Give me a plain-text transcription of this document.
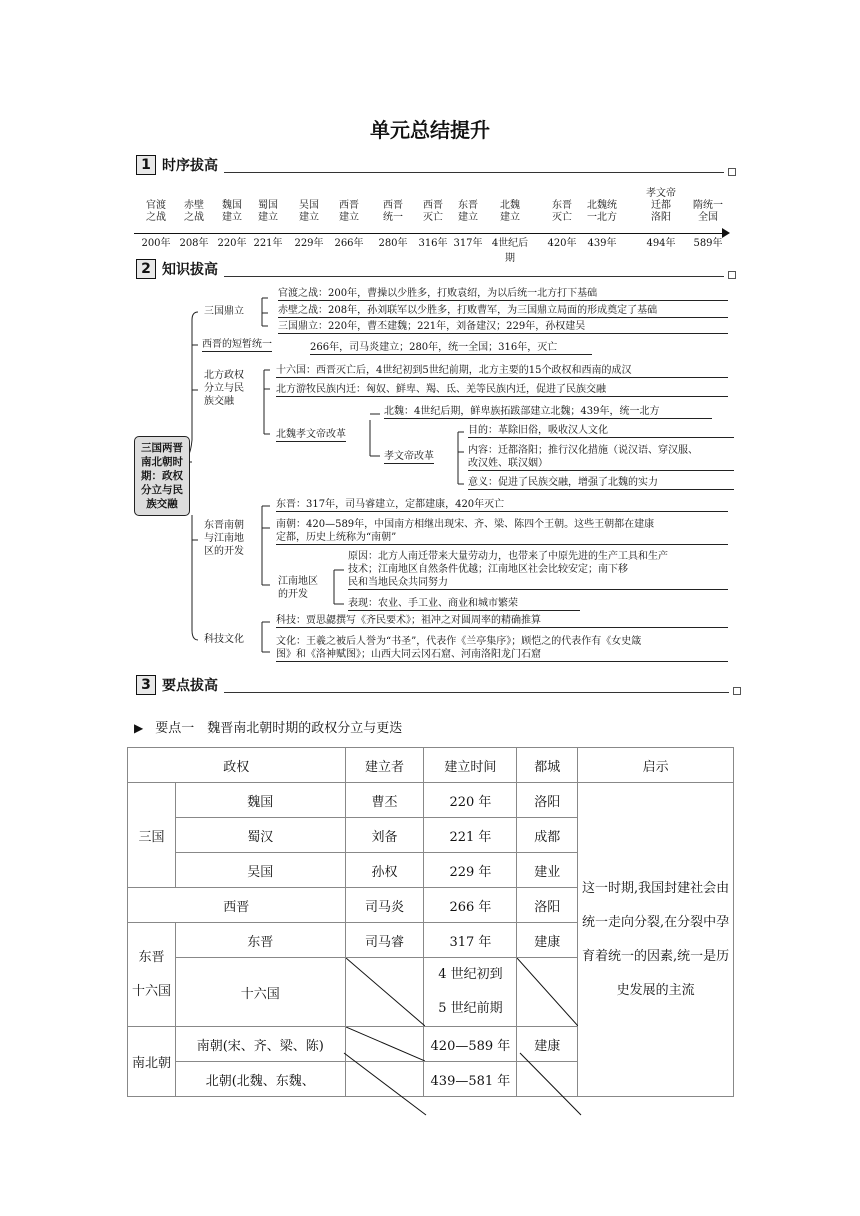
单元总结提升
1 时序拔高
官渡
之战
200年
赤壁
之战
208年
魏国
建立
220年
蜀国
建立
221年
吴国
建立
229年
西晋
建立
266年
西晋
统一
280年
西晋
灭亡
316年
东晋
建立
317年
北魏
建立
4世纪后期
东晋
灭亡
420年
北魏统
一北方
439年
孝文帝
迁都
洛阳
494年
隋统一
全国
589年
2 知识拔高
三国两晋
南北朝时
期：政权
分立与民
族交融
三国鼎立
官渡之战：200年，曹操以少胜多，打败袁绍，为以后统一北方打下基础
赤壁之战：208年，孙刘联军以少胜多，打败曹军，为三国鼎立局面的形成奠定了基础
三国鼎立：220年，曹丕建魏；221年，刘备建汉；229年，孙权建吴
西晋的短暂统一	266年，司马炎建立；280年，统一全国；316年，灭亡
北方政权
分立与民
族交融
十六国：西晋灭亡后，4世纪初到5世纪前期，北方主要的15个政权和西南的成汉
北方游牧民族内迁：匈奴、鲜卑、羯、氐、羌等民族内迁，促进了民族交融
北魏孝文帝改革
北魏：4世纪后期，鲜卑族拓跋部建立北魏；439年，统一北方
孝文帝改革
目的：革除旧俗，吸收汉人文化
内容：迁都洛阳；推行汉化措施（说汉语、穿汉服、
改汉姓、联汉姻）
意义：促进了民族交融，增强了北魏的实力
东晋南朝
与江南地
区的开发
东晋：317年，司马睿建立，定都建康，420年灭亡
南朝：420—589年，中国南方相继出现宋、齐、梁、陈四个王朝。这些王朝都在建康
定都，历史上统称为“南朝”
江南地区
的开发
原因：北方人南迁带来大量劳动力，也带来了中原先进的生产工具和生产
技术；江南地区自然条件优越；江南地区社会比较安定；南下移
民和当地民众共同努力
表现：农业、手工业、商业和城市繁荣
科技文化
科技：贾思勰撰写《齐民要术》；祖冲之对圆周率的精确推算
文化：王羲之被后人誉为“书圣”，代表作《兰亭集序》；顾恺之的代表作有《女史箴
图》和《洛神赋图》；山西大同云冈石窟、河南洛阳龙门石窟
3 要点拔高
▶ 要点一　魏晋南北朝时期的政权分立与更迭
政权		建立者	建立时间	都城	启示
三国	魏国	曹丕	220 年	洛阳	这一时期,我国封建社会由统一走向分裂,在分裂中孕育着统一的因素,统一是历史发展的主流
	蜀汉	刘备	221 年	成都	
	吴国	孙权	229 年	建业	
西晋		司马炎	266 年	洛阳	
东晋
十六国	东晋	司马睿	317 年	建康	
	十六国		4 世纪初到
5 世纪前期	

南北朝	南朝(宋、齐、梁、陈)		420—589 年	建康	
	北朝(北魏、东魏、		439—581 年		
